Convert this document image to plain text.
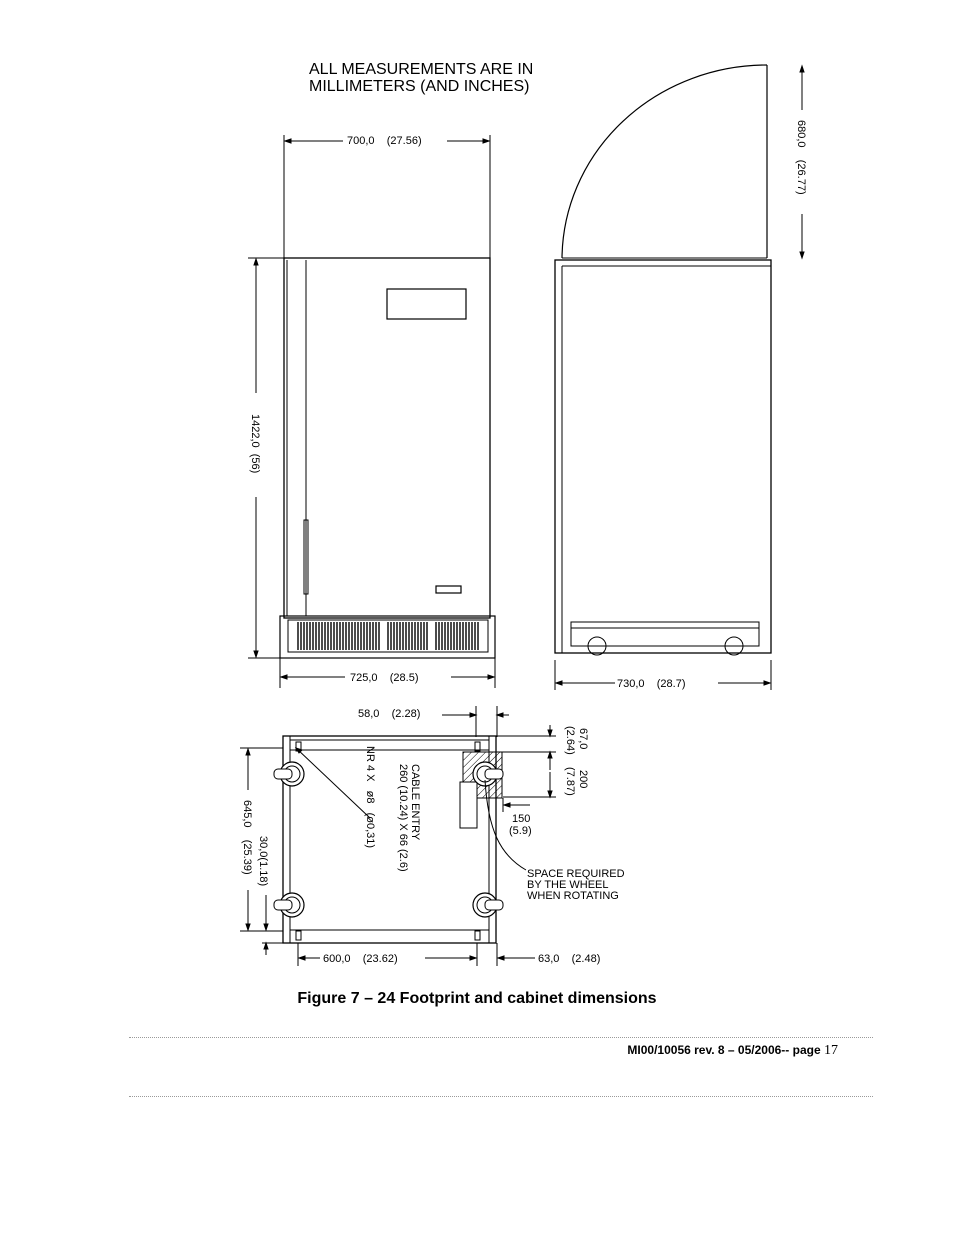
ALL MEASUREMENTS ARE IN
MILLIMETERS (AND INCHES)
700,0    (27.56)
725,0    (28.5)	730,0    (28.7)
1422,0  (56)
680,0    (26.77)
58,0    (2.28)
645,0    (25.39) 30,0(1.18)
NR 4 X   ø8   (ø0,31)	CABLE ENTRY
260 (10.24) X 66 (2.6)
67,0
(2.64)
200
(7.87)
150
(5.9)
SPACE REQUIRED
BY THE WHEEL
WHEN ROTATING
600,0    (23.62)	63,0    (2.48)
Figure 7 – 24 Footprint and cabinet dimensions
MI00/10056 rev. 8 – 05/2006-- page 17
